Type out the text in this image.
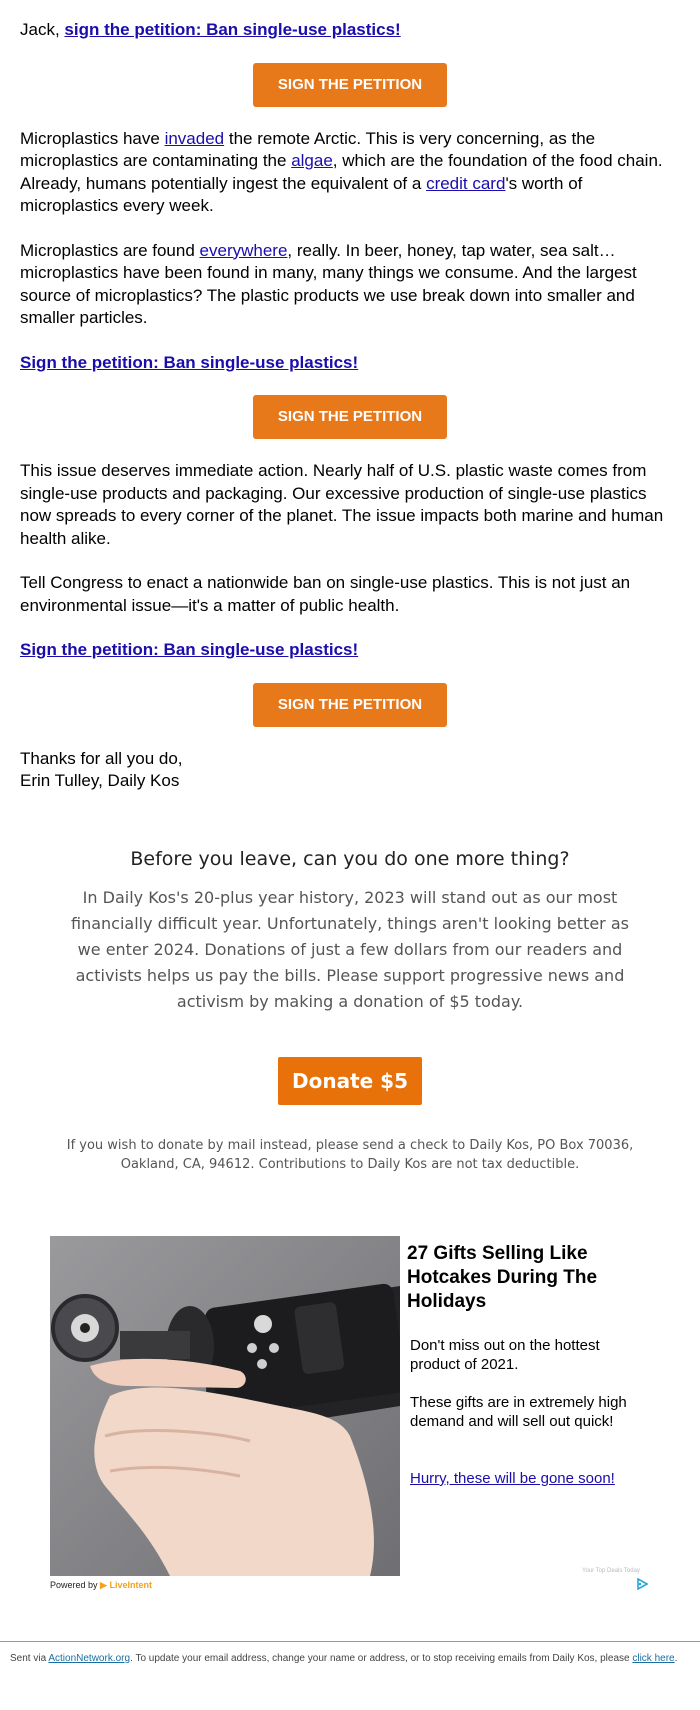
Jack, sign the petition: Ban single-use plastics!

SIGN THE PETITION

Microplastics have invaded the remote Arctic. This is very concerning, as the microplastics are contaminating the algae, which are the foundation of the food chain. Already, humans potentially ingest the equivalent of a credit card's worth of microplastics every week.

Microplastics are found everywhere, really. In beer, honey, tap water, sea salt… microplastics have been found in many, many things we consume. And the largest source of microplastics? The plastic products we use break down into smaller and smaller particles.

Sign the petition: Ban single-use plastics!

SIGN THE PETITION

This issue deserves immediate action. Nearly half of U.S. plastic waste comes from single-use products and packaging. Our excessive production of single-use plastics now spreads to every corner of the planet. The issue impacts both marine and human health alike.

Tell Congress to enact a nationwide ban on single-use plastics. This is not just an environmental issue—it's a matter of public health.

Sign the petition: Ban single-use plastics!

SIGN THE PETITION

Thanks for all you do,
Erin Tulley, Daily Kos

Before you leave, can you do one more thing?
In Daily Kos's 20-plus year history, 2023 will stand out as our most financially difficult year. Unfortunately, things aren't looking better as we enter 2024. Donations of just a few dollars from our readers and activists helps us pay the bills. Please support progressive news and activism by making a donation of $5 today.
Donate $5
If you wish to donate by mail instead, please send a check to Daily Kos, PO Box 70036, Oakland, CA, 94612. Contributions to Daily Kos are not tax deductible.
27 Gifts Selling Like Hotcakes During The Holidays
Don't miss out on the hottest product of 2021.
These gifts are in extremely high demand and will sell out quick!
Hurry, these will be gone soon!
Powered by ▶ LiveIntent
Your Top Deals Today

Sent via ActionNetwork.org. To update your email address, change your name or address, or to stop receiving emails from Daily Kos, please click here.
